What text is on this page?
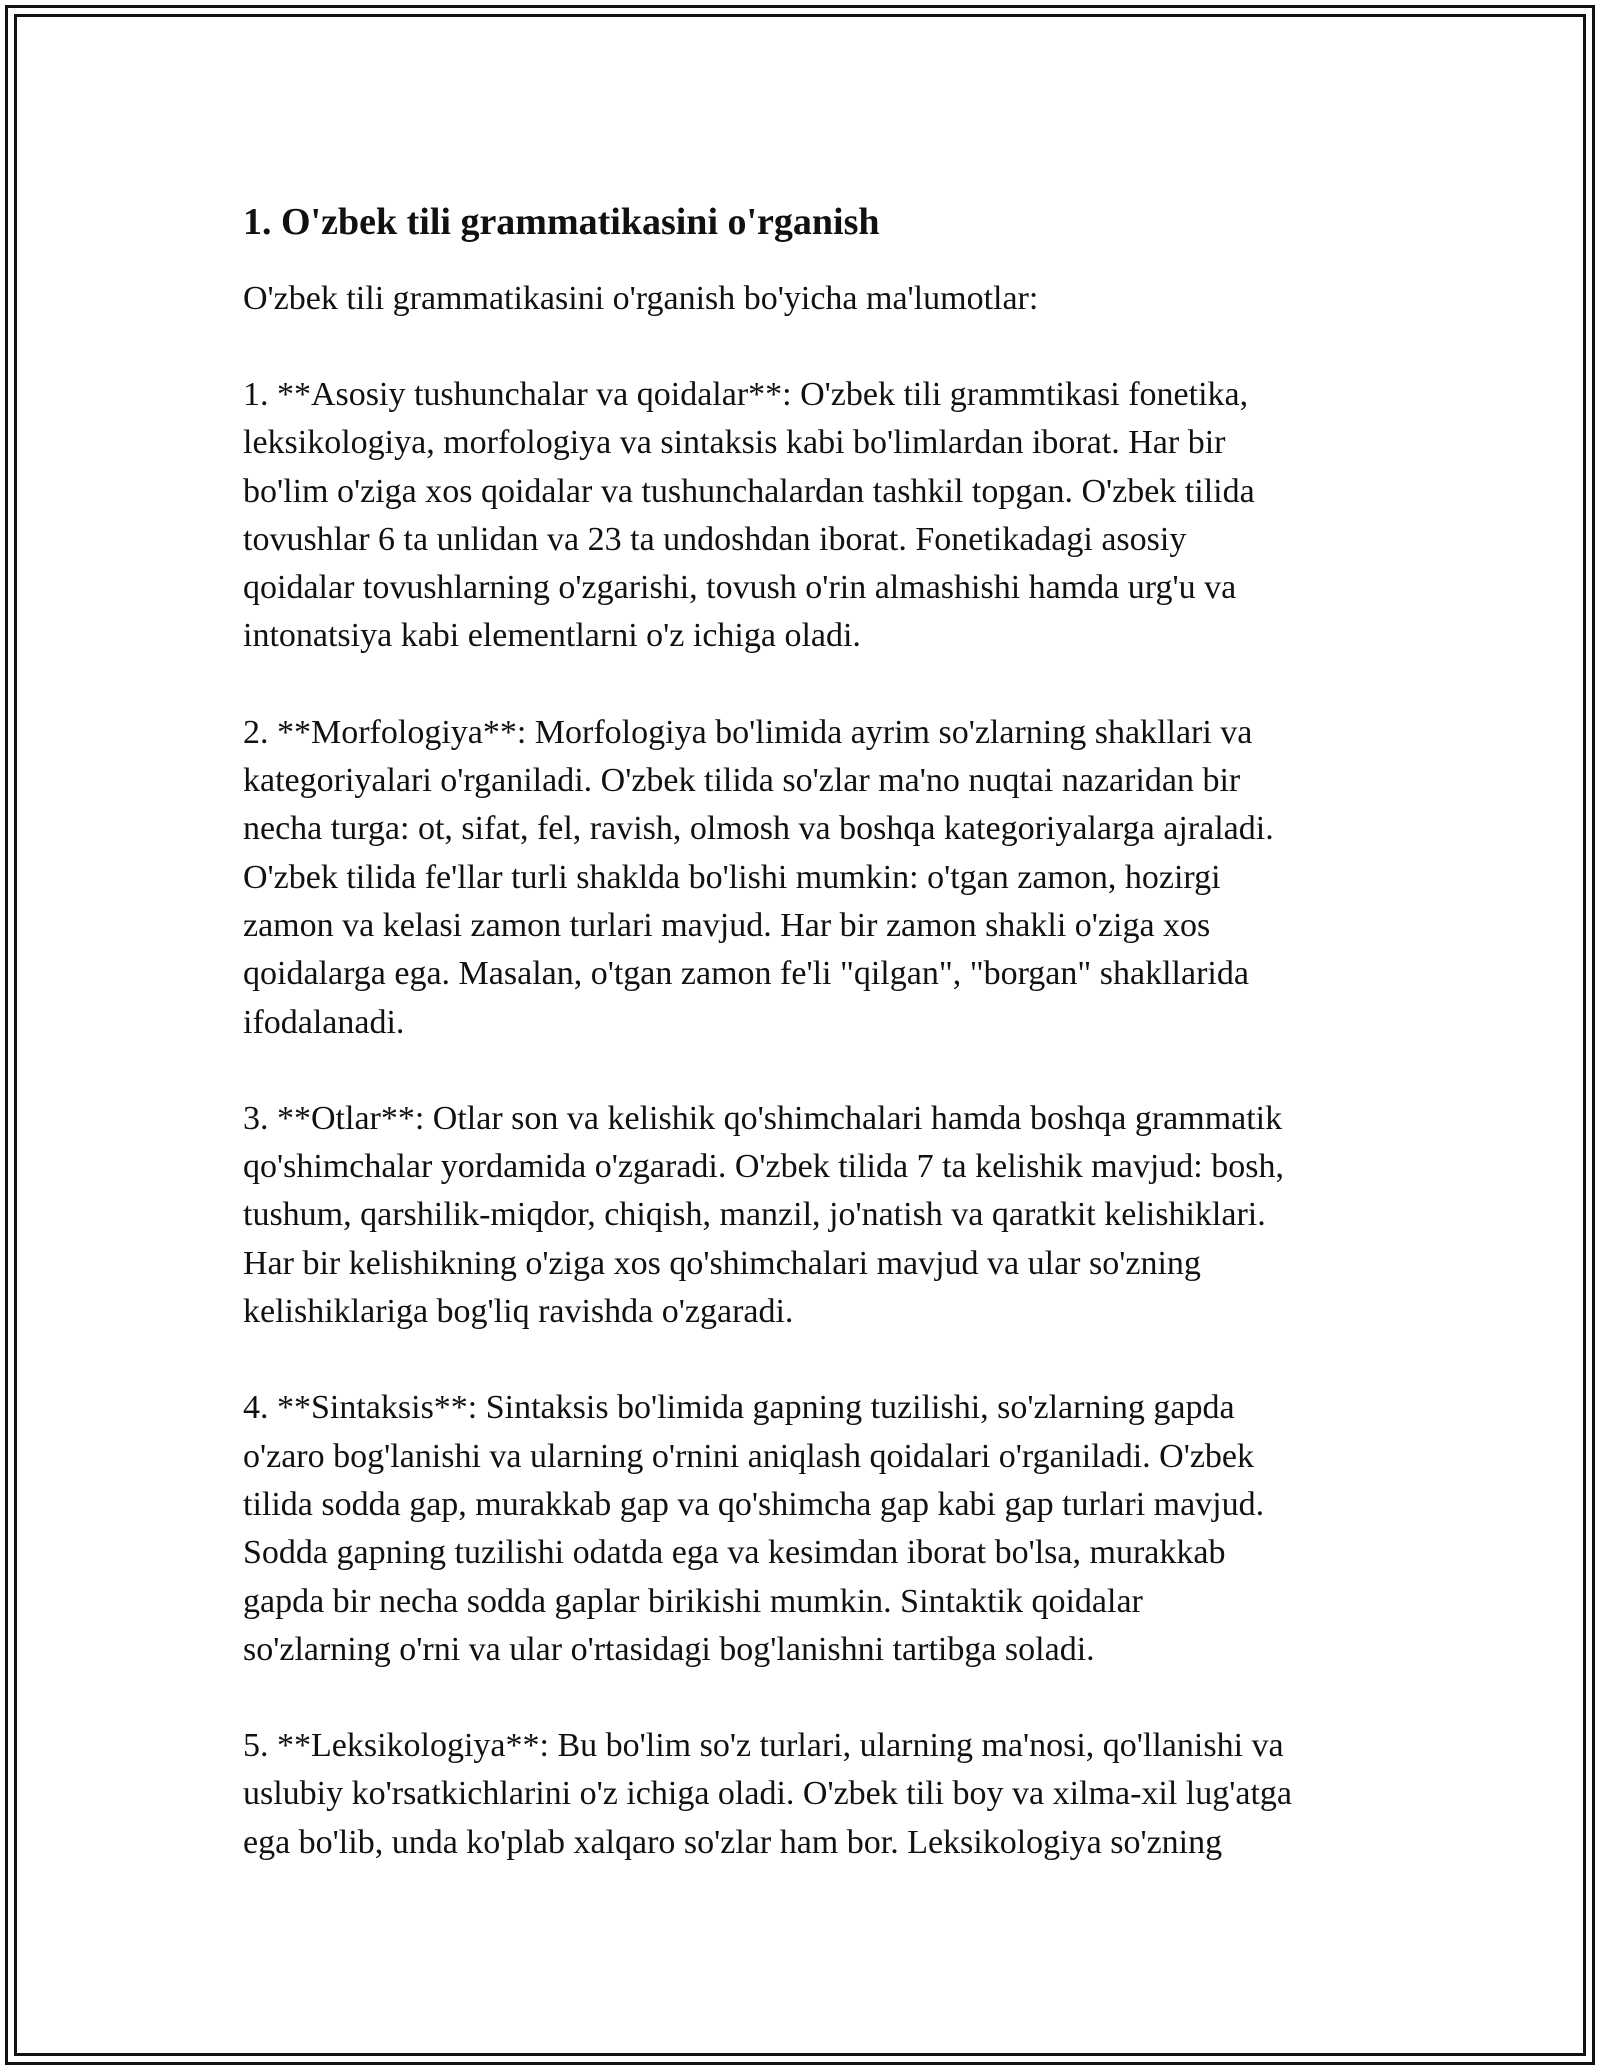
1. O'zbek tili grammatikasini o'rganish

O'zbek tili grammatikasini o'rganish bo'yicha ma'lumotlar:

1. **Asosiy tushunchalar va qoidalar**: O'zbek tili grammtikasi fonetika,
leksikologiya, morfologiya va sintaksis kabi bo'limlardan iborat. Har bir
bo'lim o'ziga xos qoidalar va tushunchalardan tashkil topgan. O'zbek tilida
tovushlar 6 ta unlidan va 23 ta undoshdan iborat. Fonetikadagi asosiy
qoidalar tovushlarning o'zgarishi, tovush o'rin almashishi hamda urg'u va
intonatsiya kabi elementlarni o'z ichiga oladi.

2. **Morfologiya**: Morfologiya bo'limida ayrim so'zlarning shakllari va
kategoriyalari o'rganiladi. O'zbek tilida so'zlar ma'no nuqtai nazaridan bir
necha turga: ot, sifat, fel, ravish, olmosh va boshqa kategoriyalarga ajraladi.
O'zbek tilida fe'llar turli shaklda bo'lishi mumkin: o'tgan zamon, hozirgi
zamon va kelasi zamon turlari mavjud. Har bir zamon shakli o'ziga xos
qoidalarga ega. Masalan, o'tgan zamon fe'li "qilgan", "borgan" shakllarida
ifodalanadi.

3. **Otlar**: Otlar son va kelishik qo'shimchalari hamda boshqa grammatik
qo'shimchalar yordamida o'zgaradi. O'zbek tilida 7 ta kelishik mavjud: bosh,
tushum, qarshilik-miqdor, chiqish, manzil, jo'natish va qaratkit kelishiklari.
Har bir kelishikning o'ziga xos qo'shimchalari mavjud va ular so'zning
kelishiklariga bog'liq ravishda o'zgaradi.

4. **Sintaksis**: Sintaksis bo'limida gapning tuzilishi, so'zlarning gapda
o'zaro bog'lanishi va ularning o'rnini aniqlash qoidalari o'rganiladi. O'zbek
tilida sodda gap, murakkab gap va qo'shimcha gap kabi gap turlari mavjud.
Sodda gapning tuzilishi odatda ega va kesimdan iborat bo'lsa, murakkab
gapda bir necha sodda gaplar birikishi mumkin. Sintaktik qoidalar
so'zlarning o'rni va ular o'rtasidagi bog'lanishni tartibga soladi.

5. **Leksikologiya**: Bu bo'lim so'z turlari, ularning ma'nosi, qo'llanishi va
uslubiy ko'rsatkichlarini o'z ichiga oladi. O'zbek tili boy va xilma-xil lug'atga
ega bo'lib, unda ko'plab xalqaro so'zlar ham bor. Leksikologiya so'zning
